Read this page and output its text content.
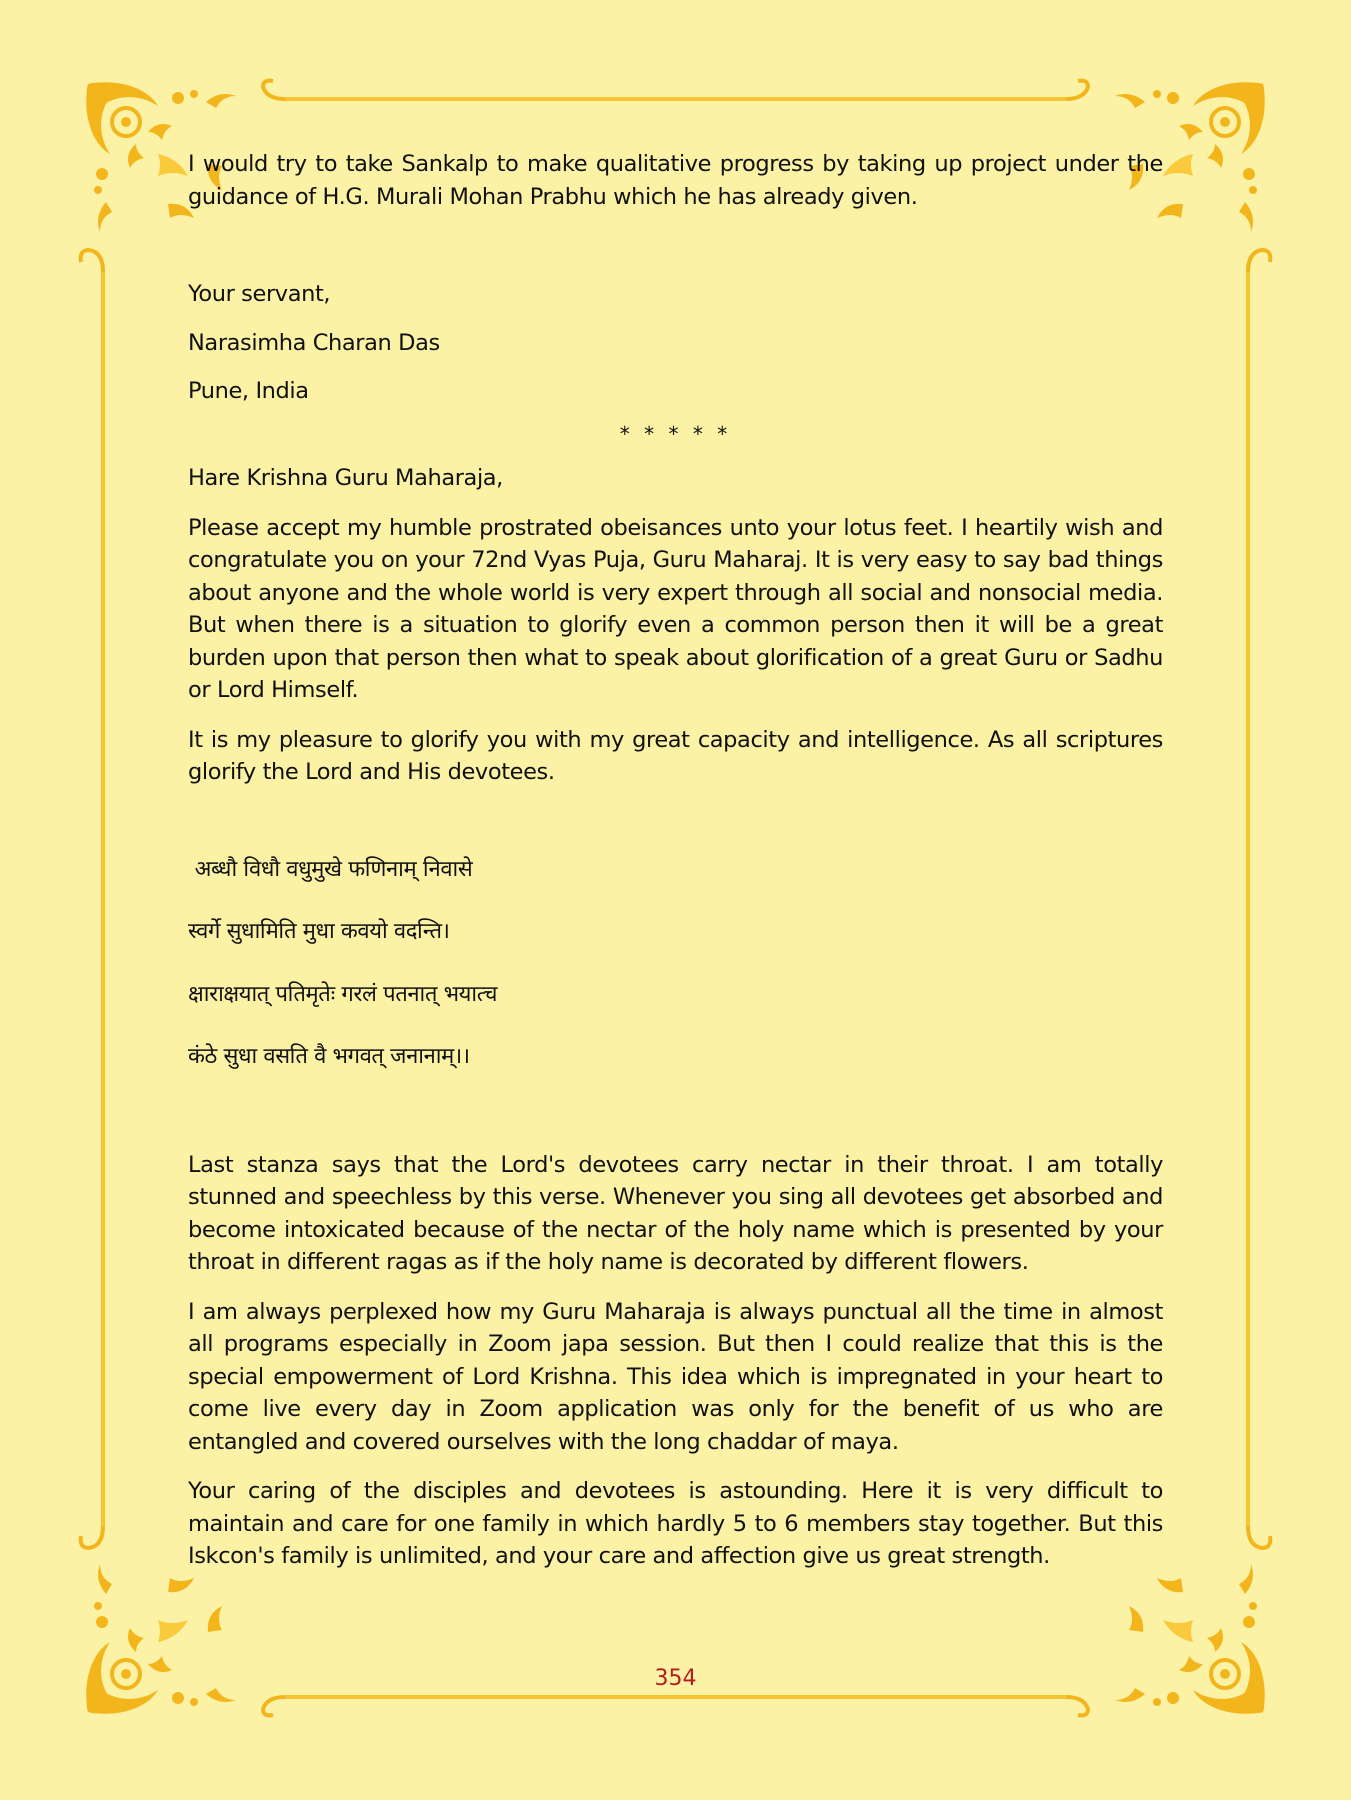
I would try to take Sankalp to make qualitative progress by taking up project under the guidance of H.G. Murali Mohan Prabhu which he has already given.

Your servant,

Narasimha Charan Das

Pune, India

* * * * *

Hare Krishna Guru Maharaja,

Please accept my humble prostrated obeisances unto your lotus feet. I heartily wish and congratulate you on your 72nd Vyas Puja, Guru Maharaj. It is very easy to say bad things about anyone and the whole world is very expert through all social and nonsocial media. But when there is a situation to glorify even a common person then it will be a great burden upon that person then what to speak about glorification of a great Guru or Sadhu or Lord Himself.

It is my pleasure to glorify you with my great capacity and intelligence. As all scriptures glorify the Lord and His devotees.

अब्धौ विधौ वधुमुखे फणिनाम् निवासे

स्वर्गे सुधामिति मुधा कवयो वदन्ति।

क्षाराक्षयात् पतिमृतेः गरलं पतनात् भयात्च

कंठे सुधा वसति वै भगवत् जनानाम्।।

Last stanza says that the Lord's devotees carry nectar in their throat. I am totally stunned and speechless by this verse. Whenever you sing all devotees get absorbed and become intoxicated because of the nectar of the holy name which is presented by your throat in different ragas as if the holy name is decorated by different flowers.

I am always perplexed how my Guru Maharaja is always punctual all the time in almost all programs especially in Zoom japa session. But then I could realize that this is the special empowerment of Lord Krishna. This idea which is impregnated in your heart to come live every day in Zoom application was only for the benefit of us who are entangled and covered ourselves with the long chaddar of maya.

Your caring of the disciples and devotees is astounding. Here it is very difficult to maintain and care for one family in which hardly 5 to 6 members stay together. But this Iskcon's family is unlimited, and your care and affection give us great strength.

354
